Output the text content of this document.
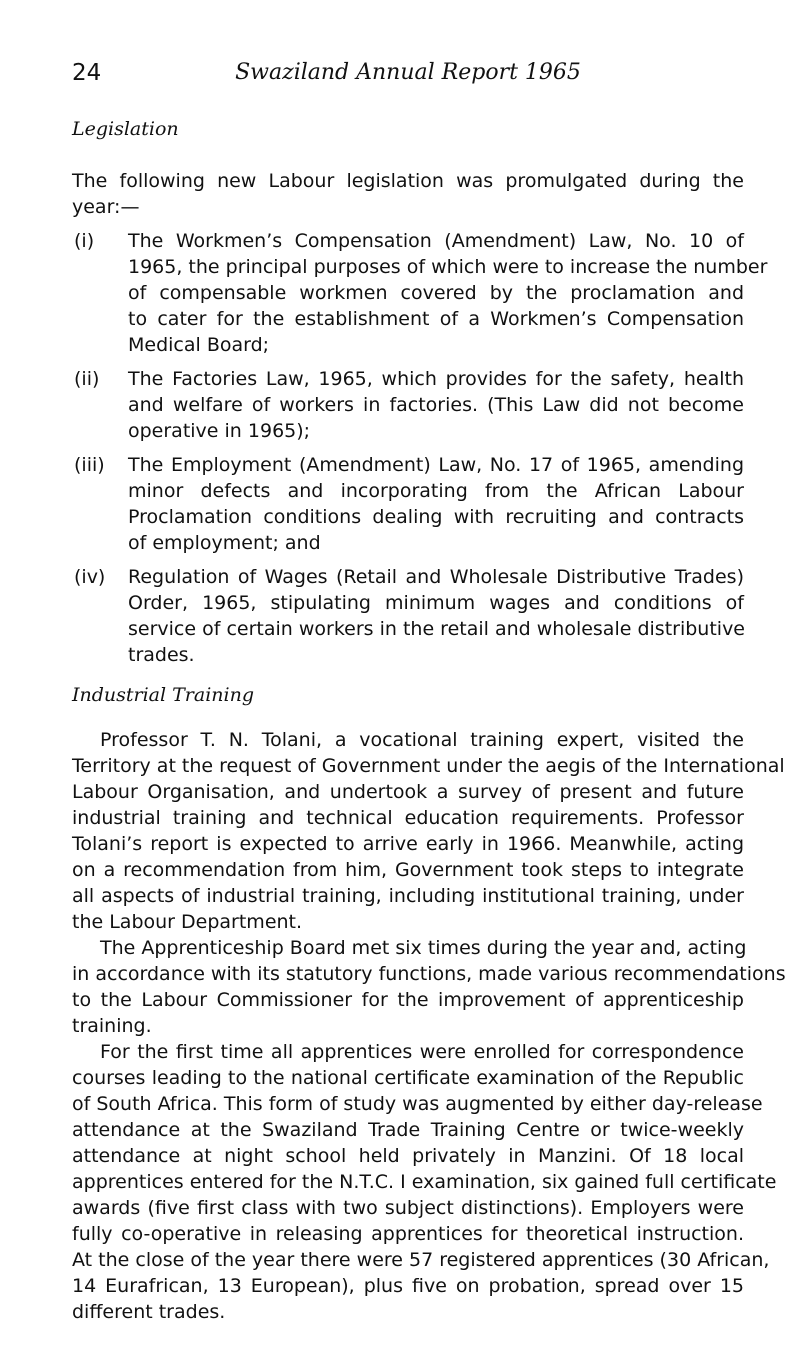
24	Swaziland Annual Report 1965
Legislation
The following new Labour legislation was promulgated during the
year:—
(i) The Workmen’s Compensation (Amendment) Law, No. 10 of
1965, the principal purposes of which were to increase the number
of compensable workmen covered by the proclamation and
to cater for the establishment of a Workmen’s Compensation
Medical Board;
(ii) The Factories Law, 1965, which provides for the safety, health
and welfare of workers in factories. (This Law did not become
operative in 1965);
(iii) The Employment (Amendment) Law, No. 17 of 1965, amending
minor defects and incorporating from the African Labour
Proclamation conditions dealing with recruiting and contracts
of employment; and
(iv) Regulation of Wages (Retail and Wholesale Distributive Trades)
Order, 1965, stipulating minimum wages and conditions of
service of certain workers in the retail and wholesale distributive
trades.
Industrial Training
Professor T. N. Tolani, a vocational training expert, visited the
Territory at the request of Government under the aegis of the International
Labour Organisation, and undertook a survey of present and future
industrial training and technical education requirements. Professor
Tolani’s report is expected to arrive early in 1966. Meanwhile, acting
on a recommendation from him, Government took steps to integrate
all aspects of industrial training, including institutional training, under
the Labour Department.
The Apprenticeship Board met six times during the year and, acting
in accordance with its statutory functions, made various recommendations
to the Labour Commissioner for the improvement of apprenticeship
training.
For the first time all apprentices were enrolled for correspondence
courses leading to the national certificate examination of the Republic
of South Africa. This form of study was augmented by either day-release
attendance at the Swaziland Trade Training Centre or twice-weekly
attendance at night school held privately in Manzini. Of 18 local
apprentices entered for the N.T.C. I examination, six gained full certificate
awards (five first class with two subject distinctions). Employers were
fully co-operative in releasing apprentices for theoretical instruction.
At the close of the year there were 57 registered apprentices (30 African,
14 Eurafrican, 13 European), plus five on probation, spread over 15
different trades.
